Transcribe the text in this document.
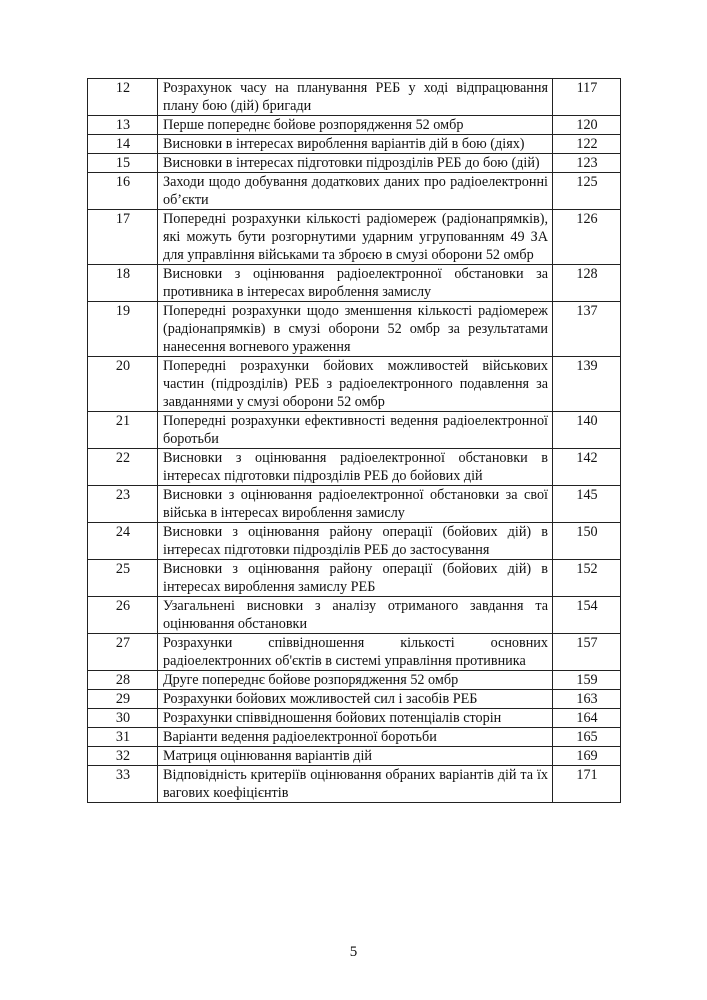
12	Розрахунок часу на планування РЕБ у ході відпрацювання плану бою (дій) бригади	117
13	Перше попереднє бойове розпорядження 52 омбр	120
14	Висновки в інтересах вироблення варіантів дій в бою (діях)	122
15	Висновки в інтересах підготовки підрозділів РЕБ до бою (дій)	123
16	Заходи щодо добування додаткових даних про радіоелектронні об’єкти	125
17	Попередні розрахунки кількості радіомереж (радіонапрямків), які можуть бути розгорнутими ударним угрупованням 49 ЗА для управління військами та зброєю в смузі оборони 52 омбр	126
18	Висновки з оцінювання радіоелектронної обстановки за противника в інтересах вироблення замислу	128
19	Попередні розрахунки щодо зменшення кількості радіомереж (радіонапрямків) в смузі оборони 52 омбр за результатами нанесення вогневого ураження	137
20	Попередні розрахунки бойових можливостей військових частин (підрозділів) РЕБ з радіоелектронного подавлення за завданнями у смузі оборони 52 омбр	139
21	Попередні розрахунки ефективності ведення радіоелектронної боротьби	140
22	Висновки з оцінювання радіоелектронної обстановки в інтересах підготовки підрозділів РЕБ до бойових дій	142
23	Висновки з оцінювання радіоелектронної обстановки за свої війська в інтересах вироблення замислу	145
24	Висновки з оцінювання району операції (бойових дій) в інтересах підготовки підрозділів РЕБ до застосування	150
25	Висновки з оцінювання району операції (бойових дій) в інтересах вироблення замислу РЕБ	152
26	Узагальнені висновки з аналізу отриманого завдання та оцінювання обстановки	154
27	Розрахунки співвідношення кількості основних радіоелектронних об'єктів в системі управління противника	157
28	Друге попереднє бойове розпорядження 52 омбр	159
29	Розрахунки бойових можливостей сил і засобів РЕБ	163
30	Розрахунки співвідношення бойових потенціалів сторін	164
31	Варіанти ведення радіоелектронної боротьби	165
32	Матриця оцінювання варіантів дій	169
33	Відповідність критеріїв оцінювання обраних варіантів дій та їх вагових коефіцієнтів	171
5
